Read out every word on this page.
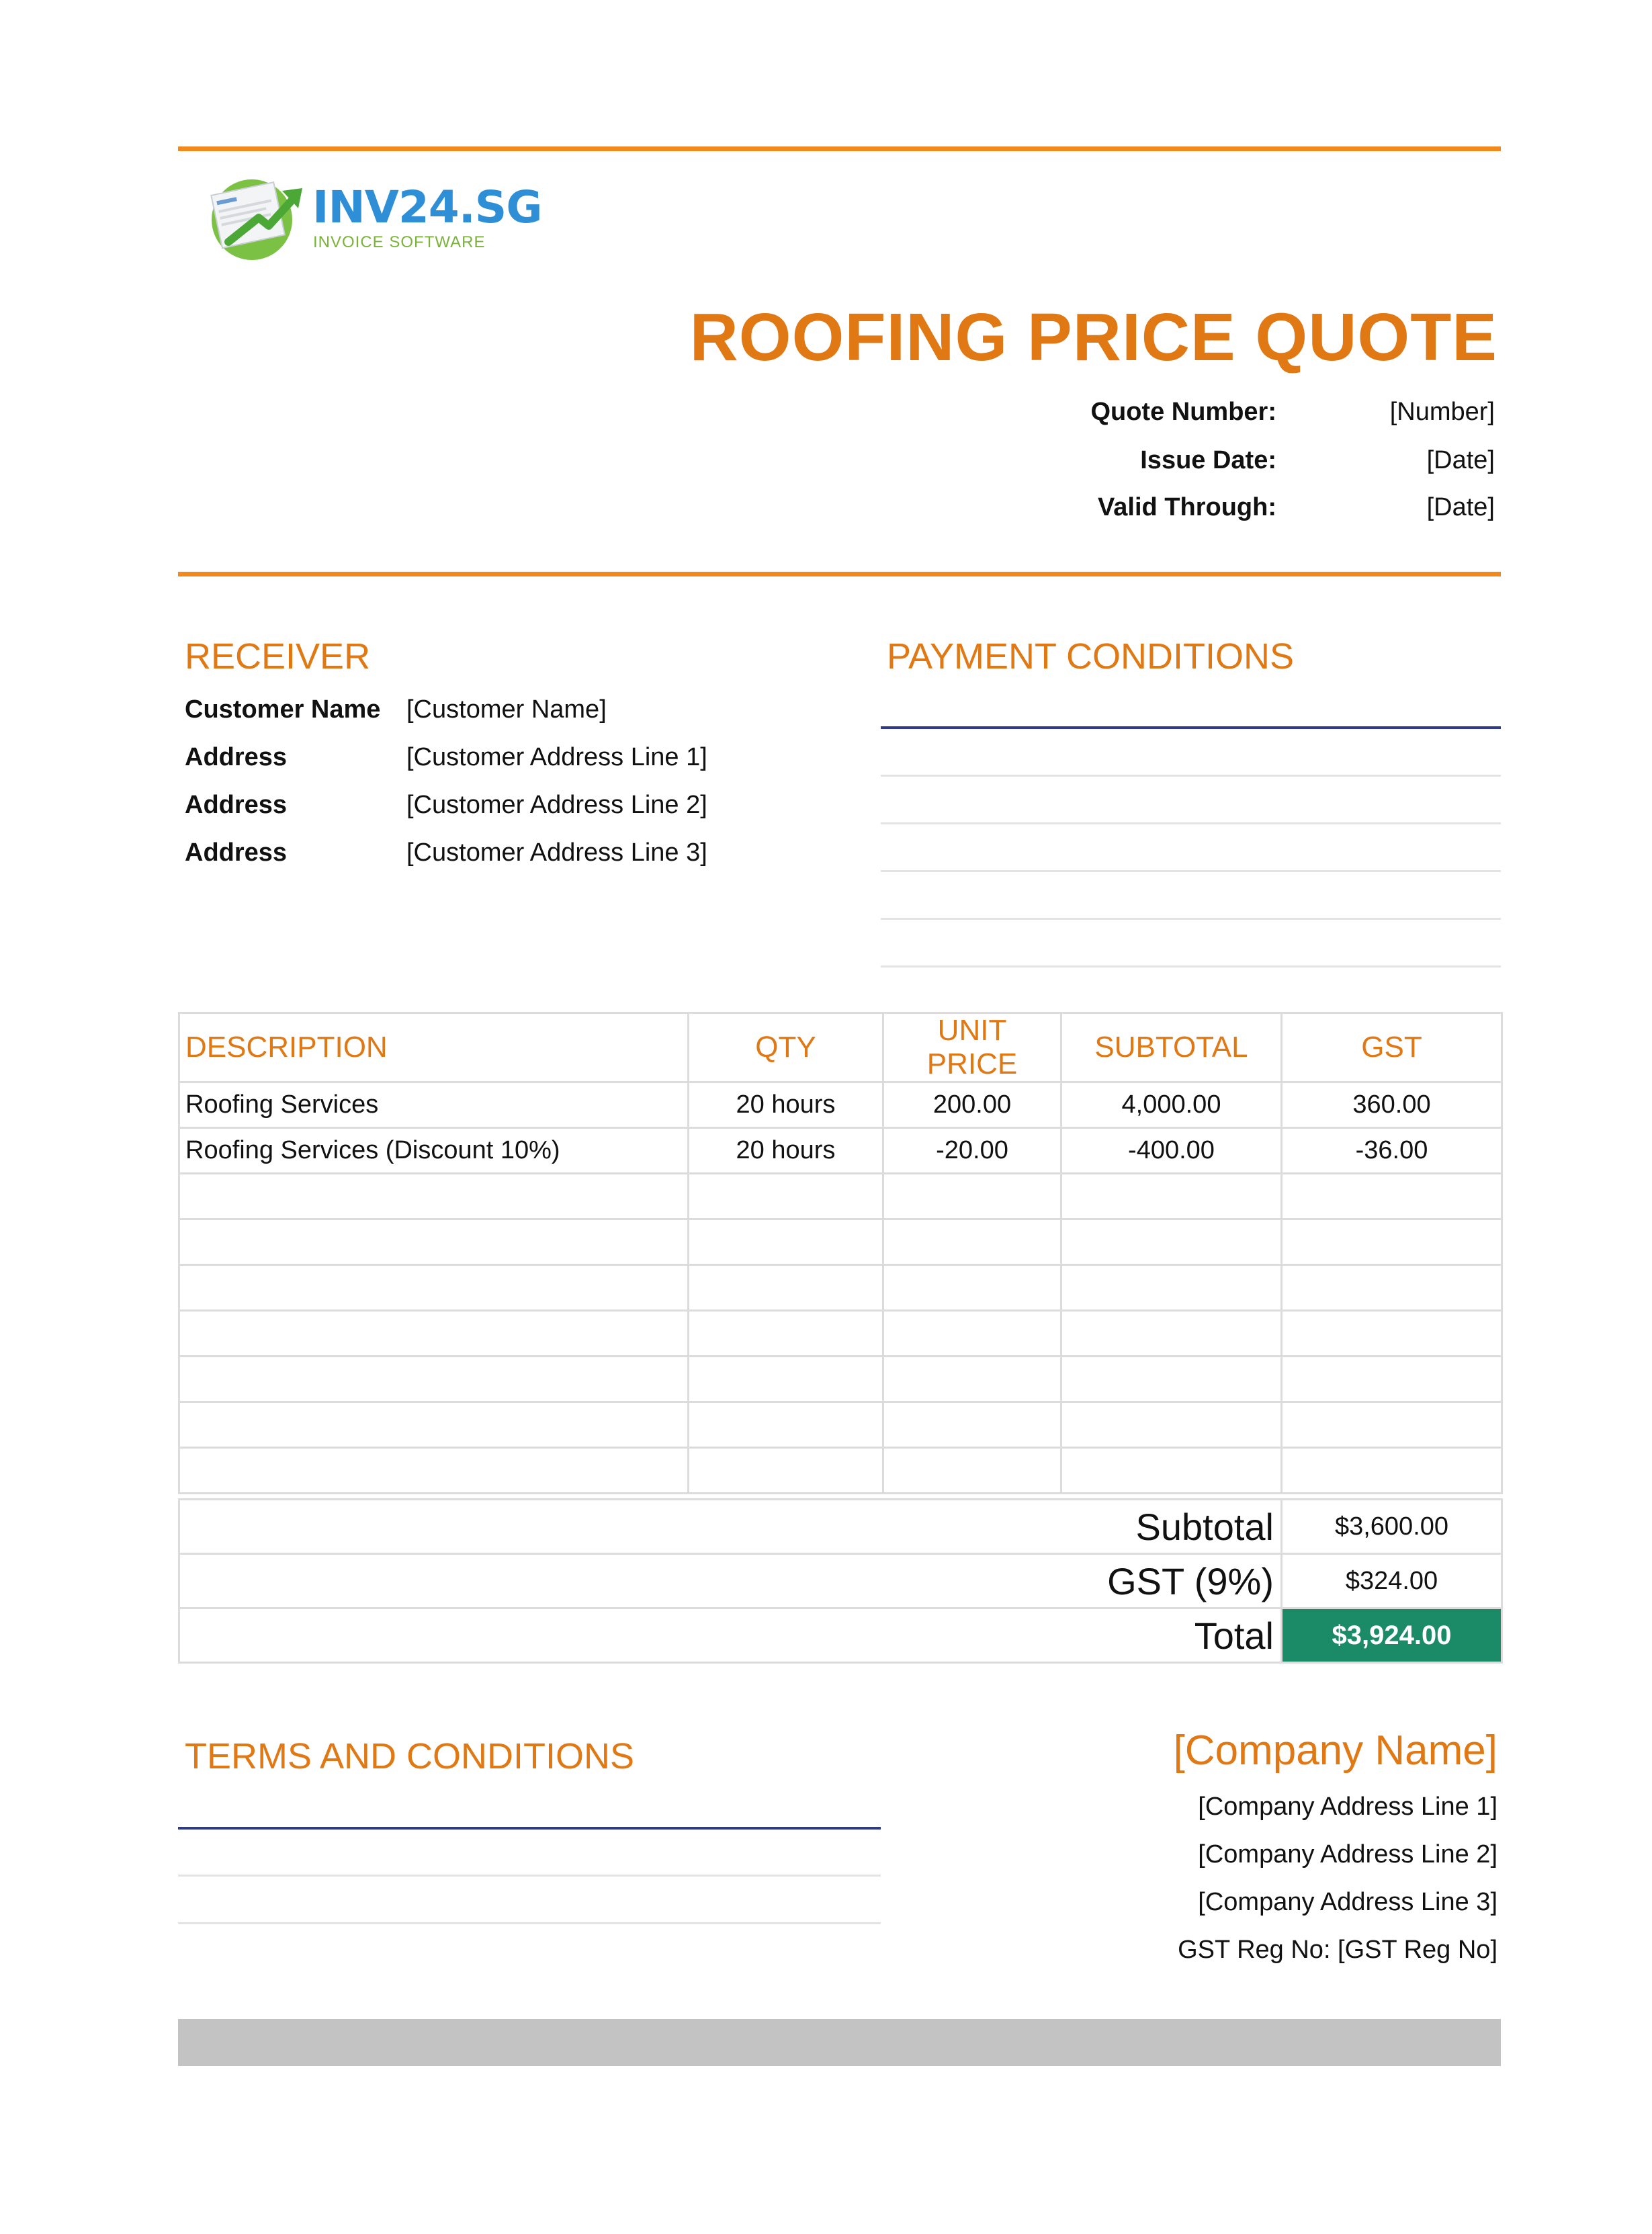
INV24.SG
INVOICE SOFTWARE
ROOFING PRICE QUOTE
Quote Number:	[Number]
Issue Date:	[Date]
Valid Through:	[Date]
RECEIVER
Customer Name [Customer Name]
Address	[Customer Address Line 1]
Address	[Customer Address Line 2]
Address	[Customer Address Line 3]
PAYMENT CONDITIONS
DESCRIPTION	QTY	UNIT PRICE	SUBTOTAL	GST
Roofing Services	20 hours	200.00	4,000.00	360.00
Roofing Services (Discount 10%)	20 hours	-20.00	-400.00	-36.00

Subtotal	$3,600.00
GST (9%)	$324.00
Total	$3,924.00
TERMS AND CONDITIONS	[Company Name]
[Company Address Line 1]
[Company Address Line 2]
[Company Address Line 3]
GST Reg No: [GST Reg No]
